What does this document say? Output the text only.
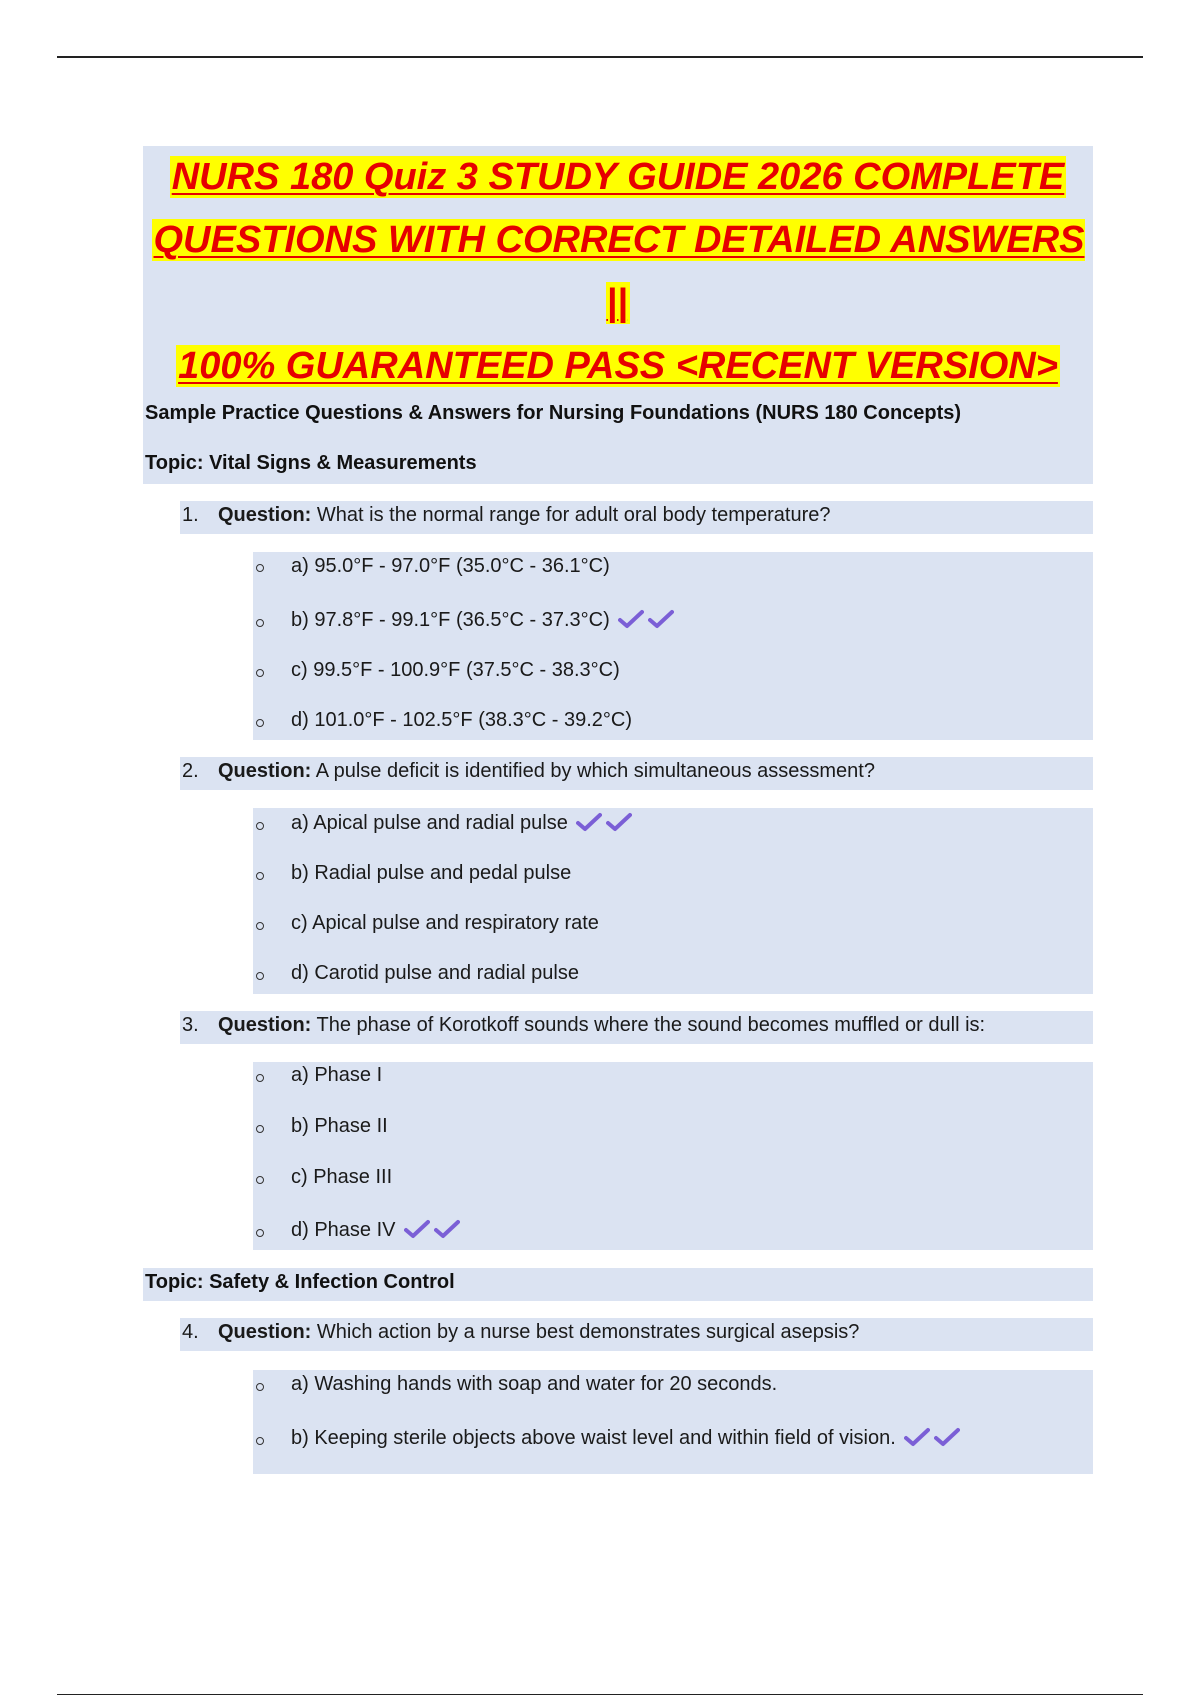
NURS 180 Quiz 3 STUDY GUIDE 2026 COMPLETE
QUESTIONS WITH CORRECT DETAILED ANSWERS ||
100% GUARANTEED PASS <RECENT VERSION>
Sample Practice Questions & Answers for Nursing Foundations (NURS 180 Concepts)
Topic: Vital Signs & Measurements
1. Question: What is the normal range for adult oral body temperature?
a) 95.0°F - 97.0°F (35.0°C - 36.1°C)
b) 97.8°F - 99.1°F (36.5°C - 37.3°C)
c) 99.5°F - 100.9°F (37.5°C - 38.3°C)
d) 101.0°F - 102.5°F (38.3°C - 39.2°C)
2. Question: A pulse deficit is identified by which simultaneous assessment?
a) Apical pulse and radial pulse
b) Radial pulse and pedal pulse
c) Apical pulse and respiratory rate
d) Carotid pulse and radial pulse
3. Question: The phase of Korotkoff sounds where the sound becomes muffled or dull is:
a) Phase I
b) Phase II
c) Phase III
d) Phase IV
Topic: Safety & Infection Control
4. Question: Which action by a nurse best demonstrates surgical asepsis?
a) Washing hands with soap and water for 20 seconds.
b) Keeping sterile objects above waist level and within field of vision.
